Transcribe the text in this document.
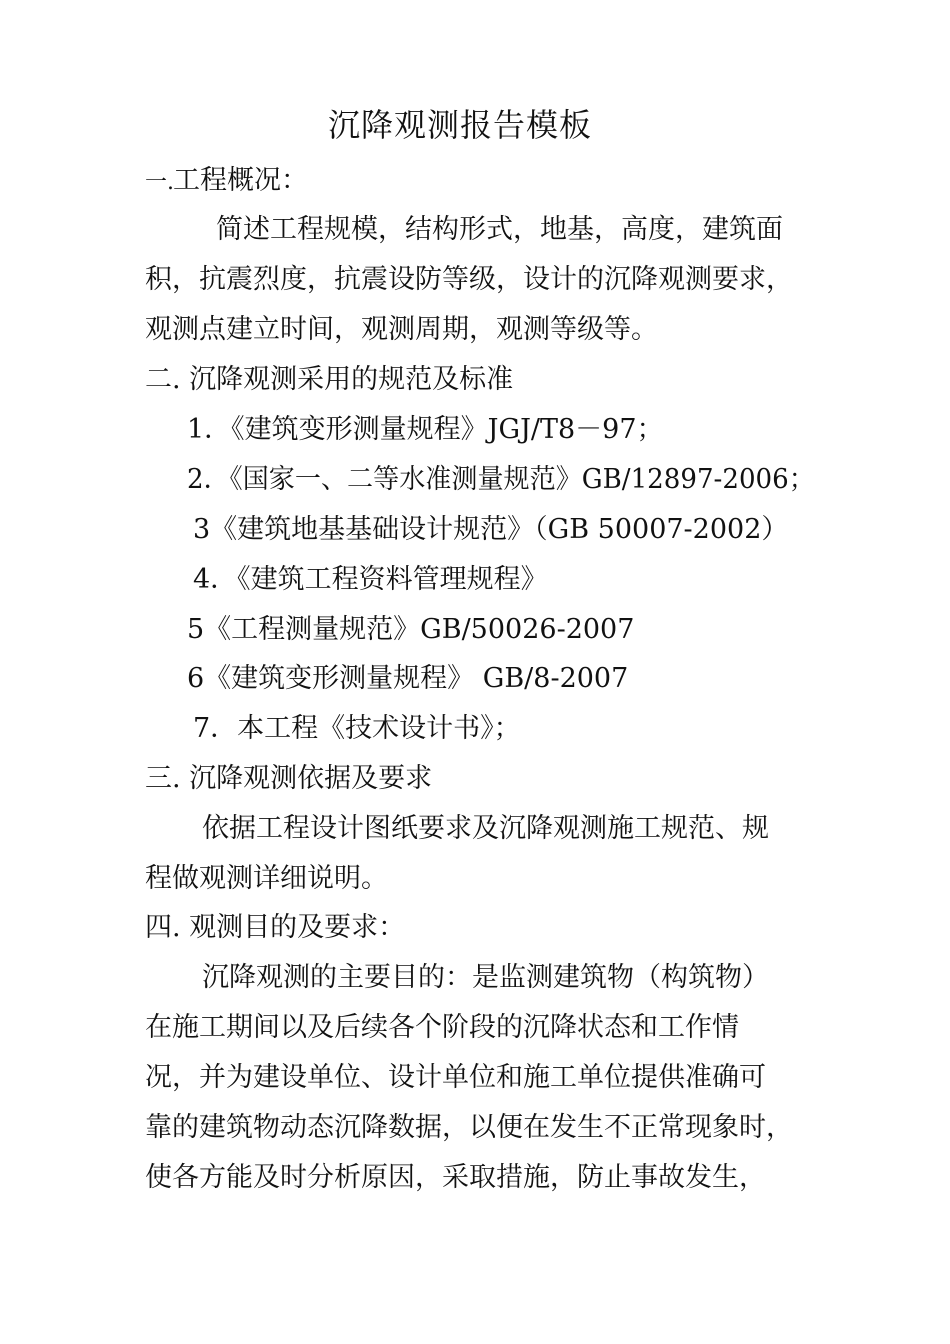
沉降观测报告模板
一. 工程概况：
简述工程规模，结构形式，地基，高度，建筑面
积，抗震烈度，抗震设防等级，设计的沉降观测要求，
观测点建立时间，观测周期，观测等级等。
二. 沉降观测采用的规范及标准
1．《建筑变形测量规程》JGJ/T8－97；
2．《国家一、二等水准测量规范》GB/12897-2006；
3《建筑地基基础设计规范》（GB 50007-2002）
4．《建筑工程资料管理规程》
5《工程测量规范》GB/50026-2007
6《建筑变形测量规程》 GB/8-2007
7．本工程《技术设计书》；
三. 沉降观测依据及要求
依据工程设计图纸要求及沉降观测施工规范、规
程做观测详细说明。
四. 观测目的及要求：
沉降观测的主要目的：是监测建筑物（构筑物）
在施工期间以及后续各个阶段的沉降状态和工作情
况，并为建设单位、设计单位和施工单位提供准确可
靠的建筑物动态沉降数据，以便在发生不正常现象时，
使各方能及时分析原因，采取措施，防止事故发生，
